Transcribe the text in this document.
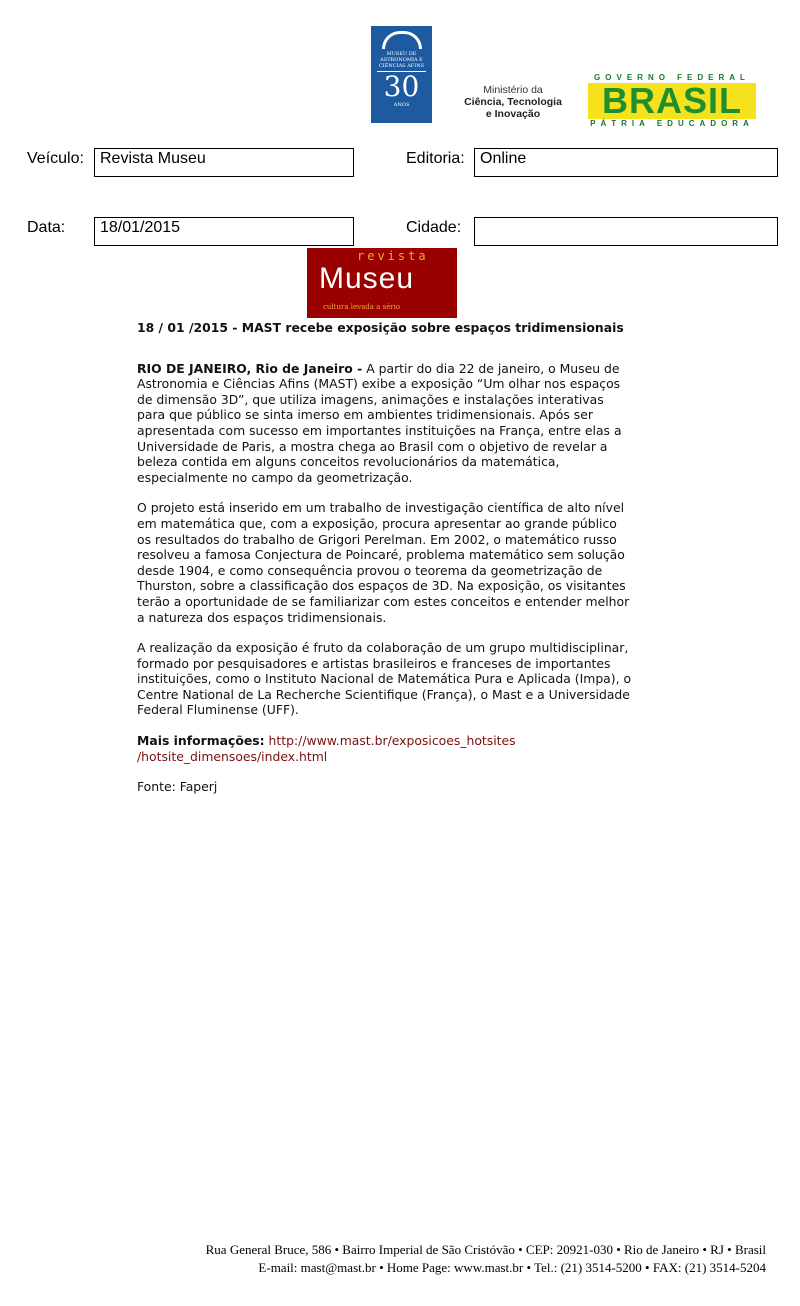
MUSEU DE ASTRONOMIA E CIÊNCIAS AFINS
30
ANOS
Ministério da
Ciência, Tecnologia
e Inovação
GOVERNO FEDERAL
BRASIL
PÁTRIA EDUCADORA
Veículo:	Revista Museu	Editoria: Online
Data:	18/01/2015	Cidade:
revista
Museu
cultura levada a sério
18 / 01 /2015 - MAST recebe exposição sobre espaços tridimensionais

RIO DE JANEIRO, Rio de Janeiro - A partir do dia 22 de janeiro, o Museu de Astronomia e Ciências Afins (MAST) exibe a exposição “Um olhar nos espaços de dimensão 3D”, que utiliza imagens, animações e instalações interativas para que público se sinta imerso em ambientes tridimensionais. Após ser apresentada com sucesso em importantes instituições na França, entre elas a Universidade de Paris, a mostra chega ao Brasil com o objetivo de revelar a beleza contida em alguns conceitos revolucionários da matemática, especialmente no campo da geometrização.

O projeto está inserido em um trabalho de investigação científica de alto nível em matemática que, com a exposição, procura apresentar ao grande público os resultados do trabalho de Grigori Perelman. Em 2002, o matemático russo resolveu a famosa Conjectura de Poincaré, problema matemático sem solução desde 1904, e como consequência provou o teorema da geometrização de Thurston, sobre a classificação dos espaços de 3D. Na exposição, os visitantes terão a oportunidade de se familiarizar com estes conceitos e entender melhor a natureza dos espaços tridimensionais.

A realização da exposição é fruto da colaboração de um grupo multidisciplinar, formado por pesquisadores e artistas brasileiros e franceses de importantes instituições, como o Instituto Nacional de Matemática Pura e Aplicada (Impa), o Centre National de La Recherche Scientifique (França), o Mast e a Universidade Federal Fluminense (UFF).

Mais informações: http://www.mast.br/exposicoes_hotsites /hotsite_dimensoes/index.html

Fonte: Faperj

Rua General Bruce, 586 • Bairro Imperial de São Cristóvão • CEP: 20921-030 • Rio de Janeiro • RJ • Brasil
E-mail: mast@mast.br • Home Page: www.mast.br • Tel.: (21) 3514-5200 • FAX: (21) 3514-5204
